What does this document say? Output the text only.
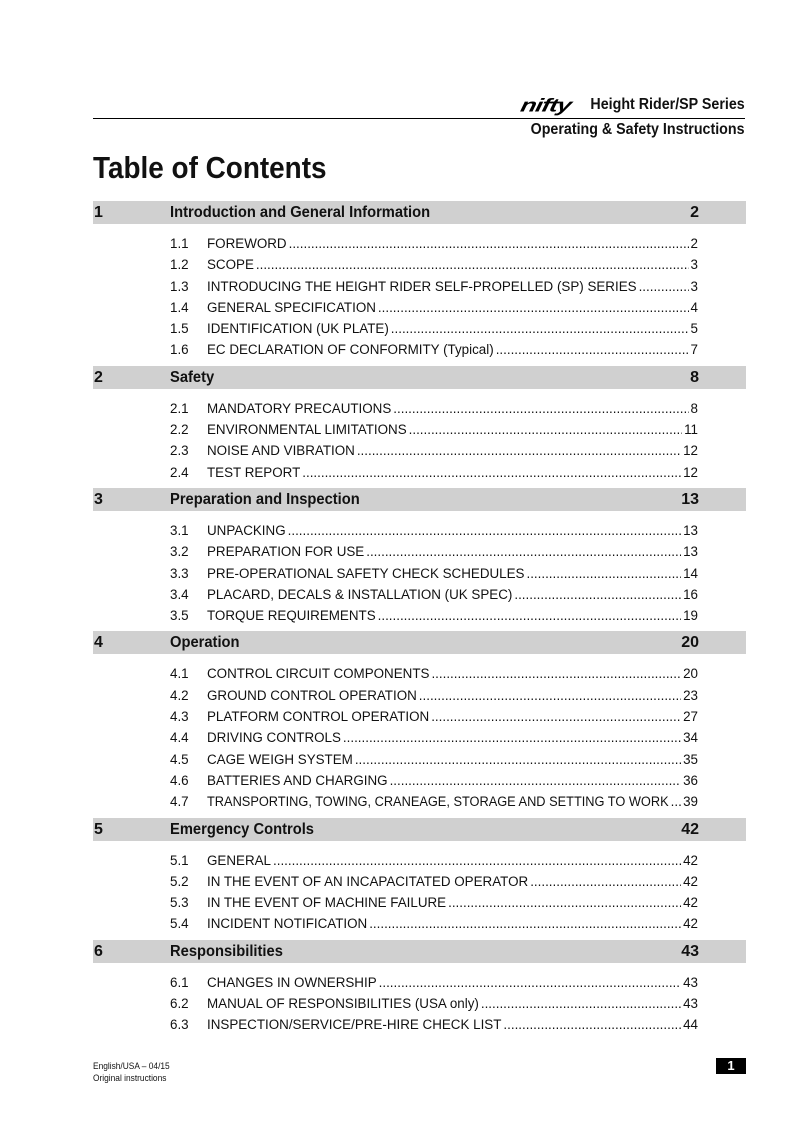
nifty Height Rider/SP Series
Operating & Safety Instructions
Table of Contents
1	Introduction and General Information	2
1.1	FOREWORD .....	2
1.2	SCOPE .....	3
1.3	INTRODUCING THE HEIGHT RIDER SELF-PROPELLED (SP) SERIES .....	3
1.4	GENERAL SPECIFICATION .....	4
1.5	IDENTIFICATION (UK PLATE) .....	5
1.6	EC DECLARATION OF CONFORMITY (Typical) .....	7
2	Safety	8
2.1	MANDATORY PRECAUTIONS .....	8
2.2	ENVIRONMENTAL LIMITATIONS .....	11
2.3	NOISE AND VIBRATION .....	12
2.4	TEST REPORT .....	12
3	Preparation and Inspection	13
3.1	UNPACKING .....	13
3.2	PREPARATION FOR USE .....	13
3.3	PRE-OPERATIONAL SAFETY CHECK SCHEDULES .....	14
3.4	PLACARD, DECALS & INSTALLATION (UK SPEC) .....	16
3.5	TORQUE REQUIREMENTS .....	19
4	Operation	20
4.1	CONTROL CIRCUIT COMPONENTS .....	20
4.2	GROUND CONTROL OPERATION .....	23
4.3	PLATFORM CONTROL OPERATION .....	27
4.4	DRIVING CONTROLS .....	34
4.5	CAGE WEIGH SYSTEM .....	35
4.6	BATTERIES AND CHARGING .....	36
4.7	TRANSPORTING, TOWING, CRANEAGE, STORAGE AND SETTING TO WORK ..... 39
5	Emergency Controls	42
5.1	GENERAL .....	42
5.2	IN THE EVENT OF AN INCAPACITATED OPERATOR .....	42
5.3	IN THE EVENT OF MACHINE FAILURE .....	42
5.4	INCIDENT NOTIFICATION .....	42
6	Responsibilities	43
6.1	CHANGES IN OWNERSHIP .....	43
6.2	MANUAL OF RESPONSIBILITIES (USA only) .....	43
6.3	INSPECTION/SERVICE/PRE-HIRE CHECK LIST .....	44
English/USA – 04/15
Original instructions
1
